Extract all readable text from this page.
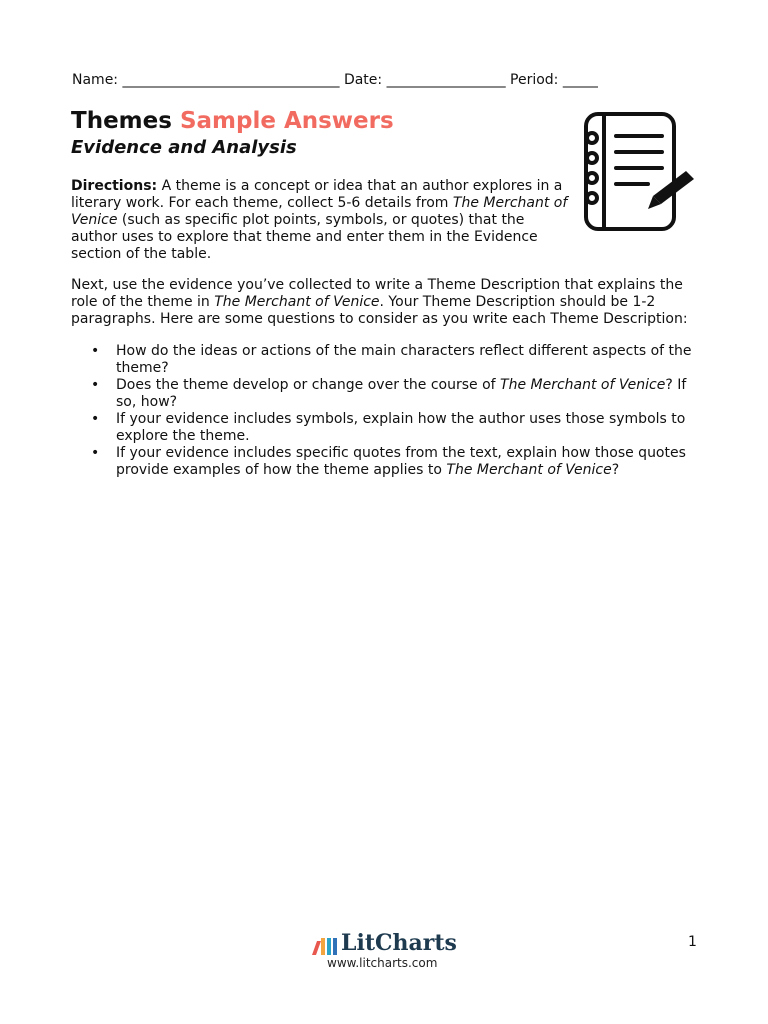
Name: _______________________________ Date: _________________ Period: _____
Themes Sample Answers
Evidence and Analysis
Directions: A theme is a concept or idea that an author explores in a literary work. For each theme, collect 5-6 details from The Merchant of Venice (such as specific plot points, symbols, or quotes) that the author uses to explore that theme and enter them in the Evidence section of the table.
Next, use the evidence you’ve collected to write a Theme Description that explains the role of the theme in The Merchant of Venice. Your Theme Description should be 1-2 paragraphs. Here are some questions to consider as you write each Theme Description:
• How do the ideas or actions of the main characters reflect different aspects of the theme?
• Does the theme develop or change over the course of The Merchant of Venice? If so, how?
• If your evidence includes symbols, explain how the author uses those symbols to explore the theme.
• If your evidence includes specific quotes from the text, explain how those quotes provide examples of how the theme applies to The Merchant of Venice?
LitCharts
www.litcharts.com
1
